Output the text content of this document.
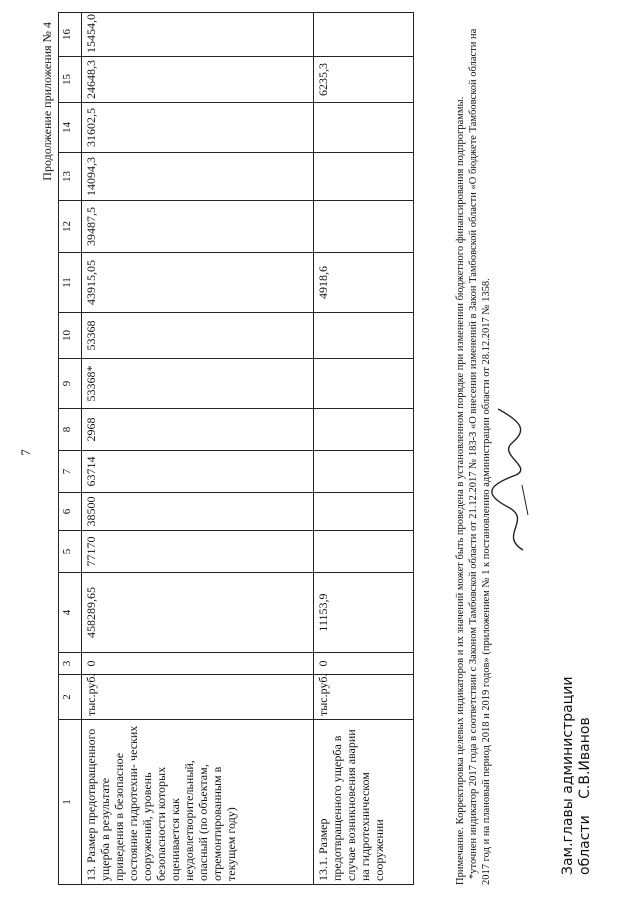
7
Продолжение приложения № 4
1	2	3	4	5	6	7	8	9	10	11	12	13	14	15	16
13. Размер предотвращенного ущерба в результате приведения в безопасное состояние гидротехни- ческих сооружений, уровень безопасности которых оценивается как неудовлетворительный, опасный (по объектам, отремонтированным в текущем году)	тыс.руб.	0	458289,65	77170	38500	63714	2968	53368*	53368	43915,05	39487,5	14094,3	31602,5	24648,3	15454,0
13.1. Размер предотвращенного ущерба в случае возникновения аварии на гидротехническом сооружении	тыс.руб.	0	11153,9							4918,6				6235,3	

Примечание. Корректировка целевых индикаторов и их значений может быть проведена в установленном порядке при изменении бюджетного финансирования подпрограммы. *уточнен индикатор 2017 года в соответствии с Законом Тамбовской области от 21.12.2017 № 183-З «О внесении изменений в Закон Тамбовской области «О бюджете Тамбовской области на 2017 год и на плановый период 2018 и 2019 годов» (приложением № 1 к постановлению администрации области от 28.12.2017 № 1358.	Зам.главы администрации области С.В.Иванов
